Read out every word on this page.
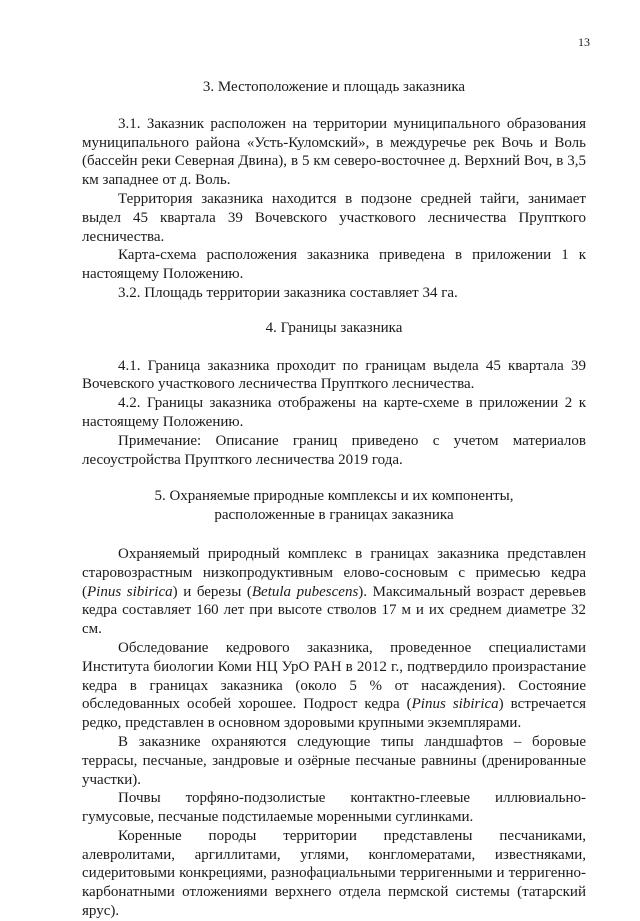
13
3. Местоположение и площадь заказника

3.1. Заказник расположен на территории муниципального образования муниципального района «Усть-Куломский», в междуречье рек Вочь и Воль (бассейн реки Северная Двина), в 5 км северо-восточнее д. Верхний Воч, в 3,5 км западнее от д. Воль.

Территория заказника находится в подзоне средней тайги, занимает выдел 45 квартала 39 Вочевского участкового лесничества Прупткого лесничества.

Карта-схема расположения заказника приведена в приложении 1 к настоящему Положению.

3.2. Площадь территории заказника составляет 34 га.

4. Границы заказника

4.1. Граница заказника проходит по границам выдела 45 квартала 39 Вочевского участкового лесничества Прупткого лесничества.

4.2. Границы заказника отображены на карте-схеме в приложении 2 к настоящему Положению.

Примечание: Описание границ приведено с учетом материалов лесоустройства Прупткого лесничества 2019 года.

5. Охраняемые природные комплексы и их компоненты,
расположенные в границах заказника

Охраняемый природный комплекс в границах заказника представлен старовозрастным низкопродуктивным елово-сосновым с примесью кедра (Pinus sibirica) и березы (Betula pubescens). Максимальный возраст деревьев кедра составляет 160 лет при высоте стволов 17 м и их среднем диаметре 32 см.

Обследование кедрового заказника, проведенное специалистами Института биологии Коми НЦ УрО РАН в 2012 г., подтвердило произрастание кедра в границах заказника (около 5 % от насаждения). Состояние обследованных особей хорошее. Подрост кедра (Pinus sibirica) встречается редко, представлен в основном здоровыми крупными экземплярами.

В заказнике охраняются следующие типы ландшафтов – боровые террасы, песчаные, зандровые и озёрные песчаные равнины (дренированные участки).

Почвы торфяно-подзолистые контактно-глеевые иллювиально-гумусовые, песчаные подстилаемые моренными суглинками.

Коренные породы территории представлены песчаниками, алевролитами, аргиллитами, углями, конгломератами, известняками, сидеритовыми конкрециями, разнофациальными терригенными и терригенно-карбонатными отложениями верхнего отдела пермской системы (татарский ярус).
